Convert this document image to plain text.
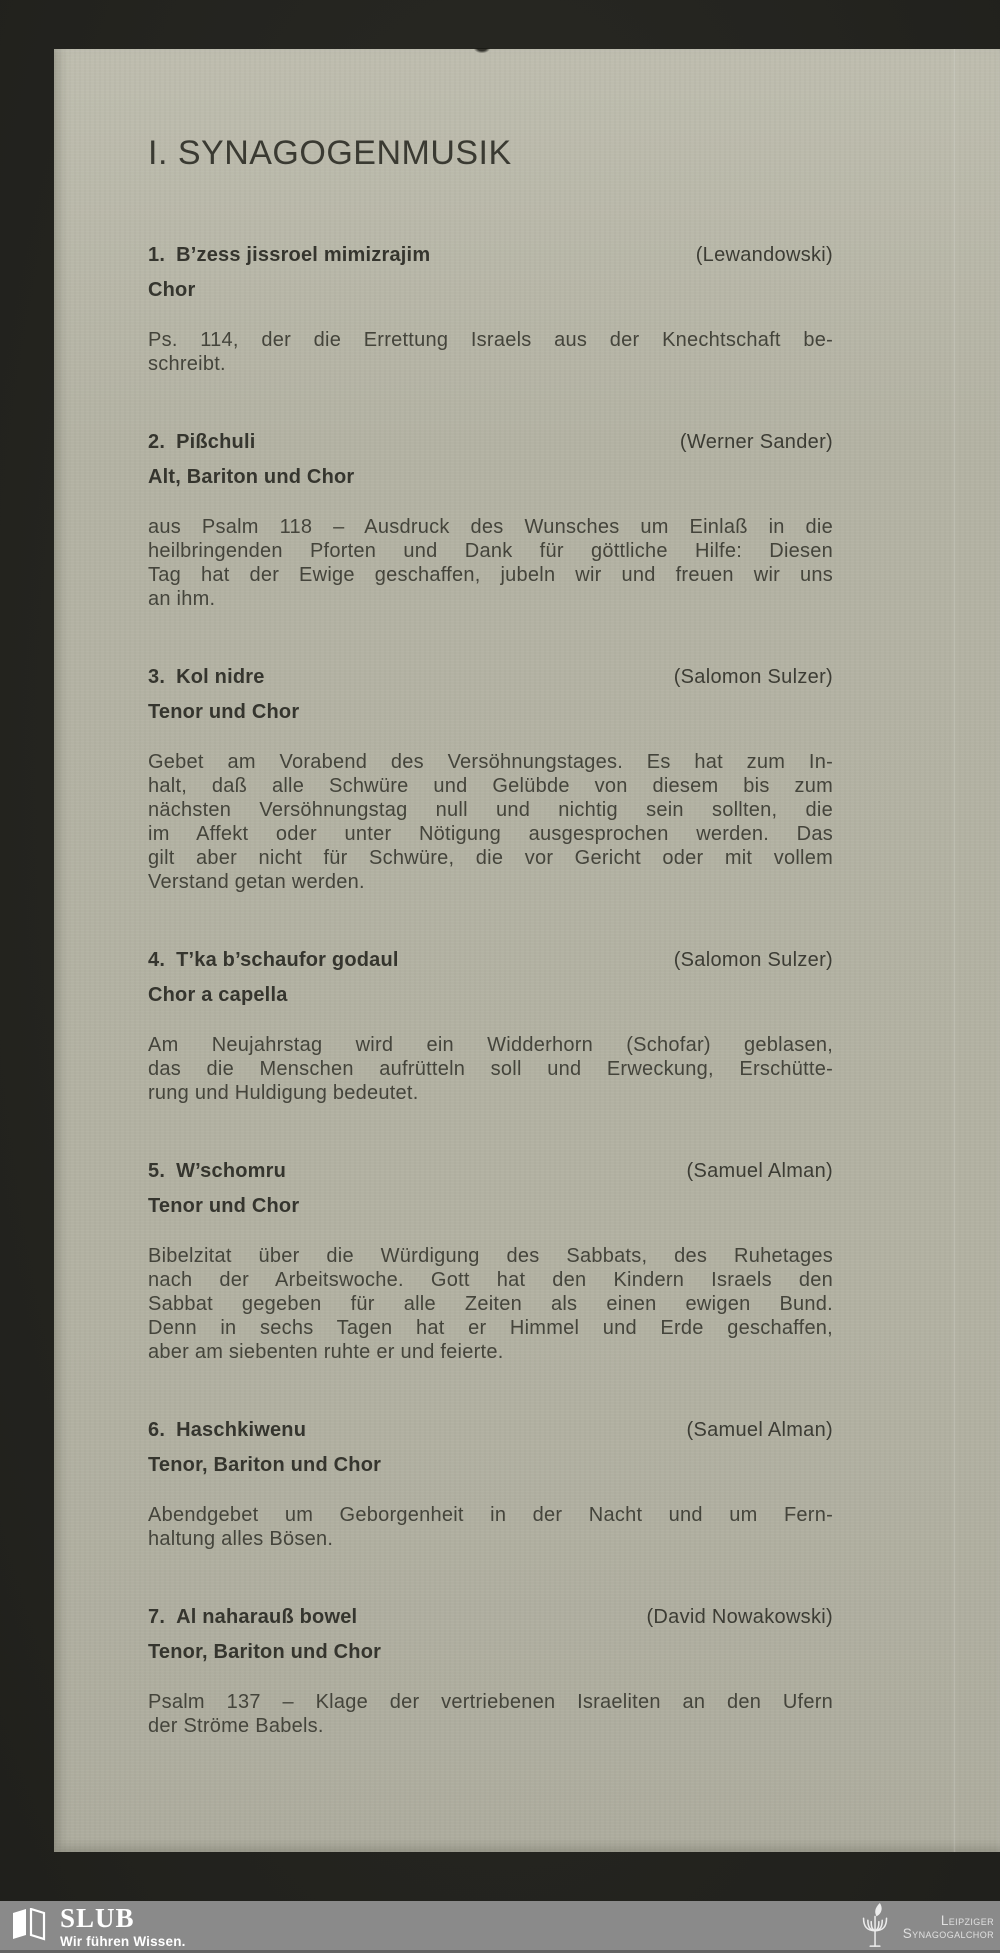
I. SYNAGOGENMUSIK
1. B’zess jissroel mimizrajim	(Lewandowski)
Chor
Ps. 114, der die Errettung Israels aus der Knechtschaft be-
schreibt.
2. Pißchuli	(Werner Sander)
Alt, Bariton und Chor
aus Psalm 118 – Ausdruck des Wunsches um Einlaß in die
heilbringenden Pforten und Dank für göttliche Hilfe: Diesen
Tag hat der Ewige geschaffen, jubeln wir und freuen wir uns
an ihm.
3. Kol nidre	(Salomon Sulzer)
Tenor und Chor
Gebet am Vorabend des Versöhnungstages. Es hat zum In-
halt, daß alle Schwüre und Gelübde von diesem bis zum
nächsten Versöhnungstag null und nichtig sein sollten, die
im Affekt oder unter Nötigung ausgesprochen werden. Das
gilt aber nicht für Schwüre, die vor Gericht oder mit vollem
Verstand getan werden.
4. T’ka b’schaufor godaul	(Salomon Sulzer)
Chor a capella
Am Neujahrstag wird ein Widderhorn (Schofar) geblasen,
das die Menschen aufrütteln soll und Erweckung, Erschütte-
rung und Huldigung bedeutet.
5. W’schomru	(Samuel Alman)
Tenor und Chor
Bibelzitat über die Würdigung des Sabbats, des Ruhetages
nach der Arbeitswoche. Gott hat den Kindern Israels den
Sabbat gegeben für alle Zeiten als einen ewigen Bund.
Denn in sechs Tagen hat er Himmel und Erde geschaffen,
aber am siebenten ruhte er und feierte.
6. Haschkiwenu	(Samuel Alman)
Tenor, Bariton und Chor
Abendgebet um Geborgenheit in der Nacht und um Fern-
haltung alles Bösen.
7. Al naharauß bowel	(David Nowakowski)
Tenor, Bariton und Chor
Psalm 137 – Klage der vertriebenen Israeliten an den Ufern
der Ströme Babels.
SLUB
Wir führen Wissen.
Leipziger
Synagogalchor
